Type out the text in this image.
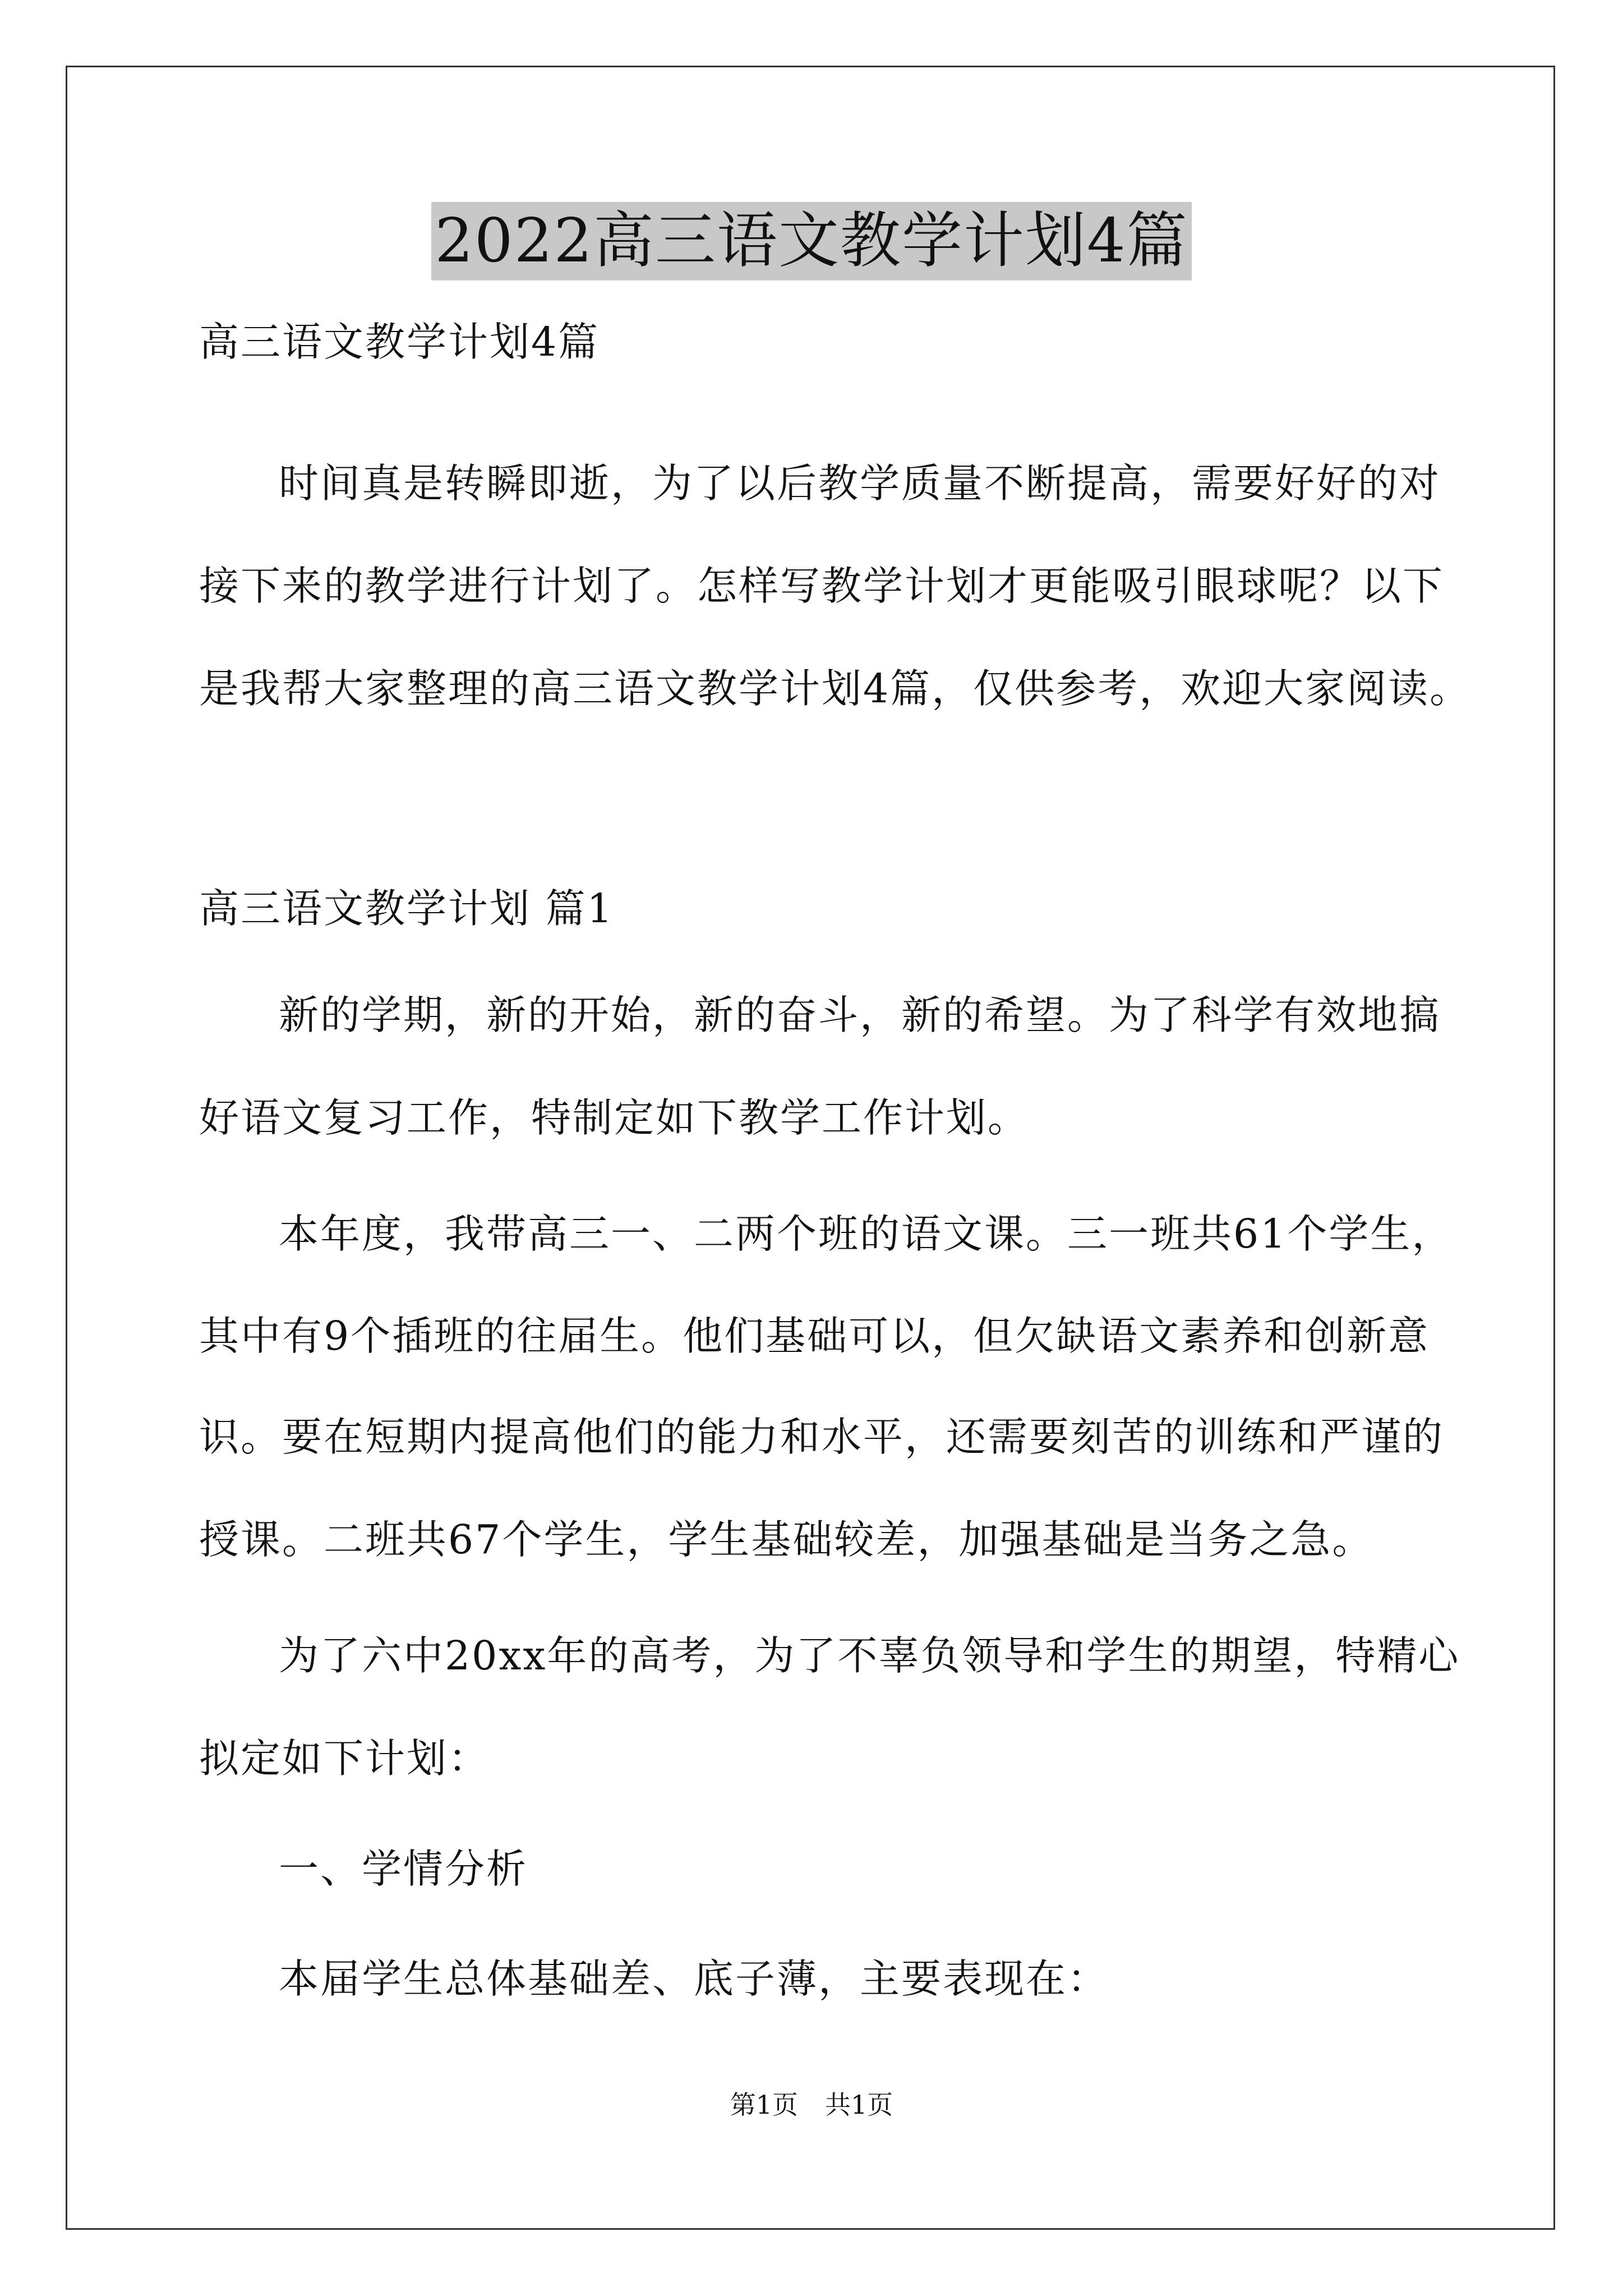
2022高三语文教学计划4篇
高三语文教学计划4篇
时间真是转瞬即逝，为了以后教学质量不断提高，需要好好的对
接下来的教学进行计划了。怎样写教学计划才更能吸引眼球呢？以下
是我帮大家整理的高三语文教学计划4篇，仅供参考，欢迎大家阅读。
高三语文教学计划 篇1
新的学期，新的开始，新的奋斗，新的希望。为了科学有效地搞
好语文复习工作，特制定如下教学工作计划。
本年度，我带高三一、二两个班的语文课。三一班共61个学生，
其中有9个插班的往届生。他们基础可以，但欠缺语文素养和创新意
识。要在短期内提高他们的能力和水平，还需要刻苦的训练和严谨的
授课。二班共67个学生，学生基础较差，加强基础是当务之急。
为了六中20xx年的高考，为了不辜负领导和学生的期望，特精心
拟定如下计划：
一、学情分析
本届学生总体基础差、底子薄，主要表现在：
第1页 共1页
